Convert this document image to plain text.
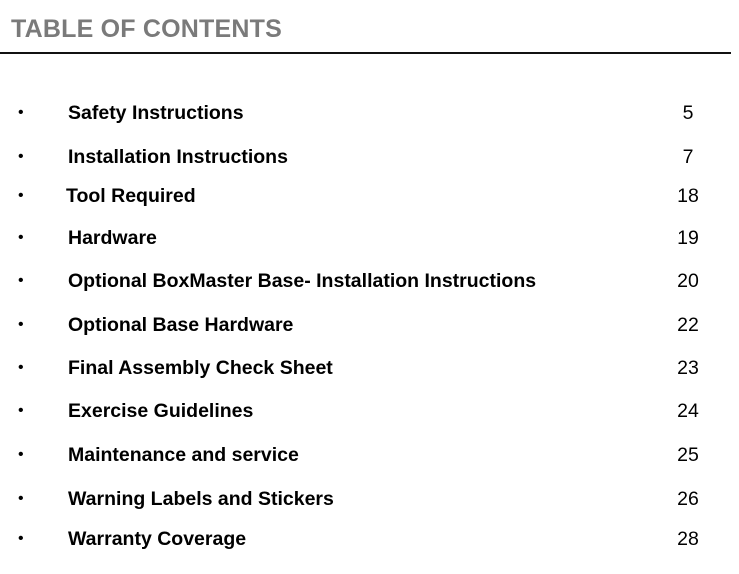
TABLE OF CONTENTS
• Safety Instructions	5
• Installation Instructions	7
• Tool Required	18
• Hardware	19
• Optional BoxMaster Base- Installation Instructions	20
• Optional Base Hardware	22
• Final Assembly Check Sheet	23
• Exercise Guidelines	24
• Maintenance and service	25
• Warning Labels and Stickers	26
• Warranty Coverage	28
